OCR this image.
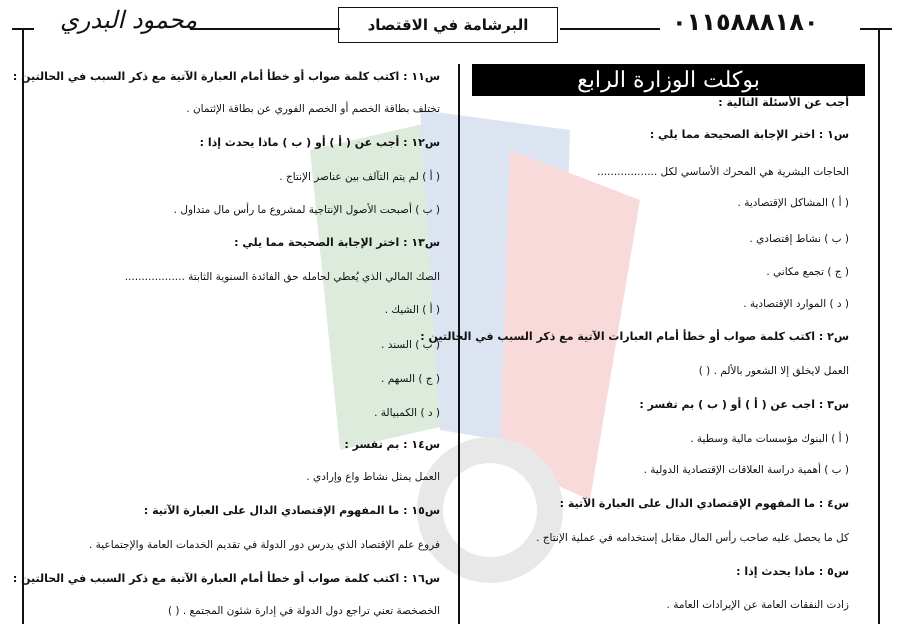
محمود البدري	البرشامة في الاقتصاد	٠١١٥٨٨٨١٨٠
بوكلت الوزارة الرابع
أجب عن الأسئلة التالية :
س١ : اختر الإجابة الصحيحة مما يلي :
الحاجات البشرية هي المحرك الأساسي لكل ..................
( أ ) المشاكل الإقتصادية .
( ب ) نشاط إقتصادي .
( ج ) تجمع مكاني .
( د ) الموارد الإقتصادية .
س٢ : اكتب كلمة صواب أو خطأ أمام العبارات الآتية مع ذكر السبب في الحالتين :
العمل لايخلق إلا الشعور بالألم . ( )
س٣ : اجب عن ( أ ) أو ( ب ) بم تفسر :
( أ ) البنوك مؤسسات مالية وسطية .
( ب ) أهمية دراسة العلاقات الإقتصادية الدولية .
س٤ : ما المفهوم الإقتصادي الدال على العبارة الآتية :
كل ما يحصل عليه صاحب رأس المال مقابل إستخدامه في عملية الإنتاج .
س٥ : ماذا يحدث إذا :
زادت النفقات العامة عن الإيرادات العامة .
س١١ : اكتب كلمة صواب أو خطأ أمام العبارة الآتية مع ذكر السبب في الحالتين :
تختلف بطاقة الخصم أو الخصم الفوري عن بطاقة الإئتمان .
س١٢ : أجب عن ( أ ) أو ( ب ) ماذا يحدث إذا :
( أ ) لم يتم التآلف بين عناصر الإنتاج .
( ب ) أصبحت الأصول الإنتاجية لمشروع ما رأس مال متداول .
س١٣ : اختر الإجابة الصحيحة مما يلي :
الصك المالي الذي يُعطي لحامله حق الفائدة السنوية الثابتة ..................
( أ ) الشيك .
( ب ) السند .
( ج ) السهم .
( د ) الكمبيالة .
س١٤ : بم تفسر :
العمل يمثل نشاط واع وإرادي .
س١٥ : ما المفهوم الإقتصادي الدال على العبارة الآتية :
فروع علم الإقتصاد الذي يدرس دور الدولة في تقديم الخدمات العامة والإجتماعية .
س١٦ : اكتب كلمة صواب أو خطأ أمام العبارة الآتية مع ذكر السبب في الحالتين :
الخصخصة تعني تراجع دول الدولة في إدارة شئون المجتمع . ( )
